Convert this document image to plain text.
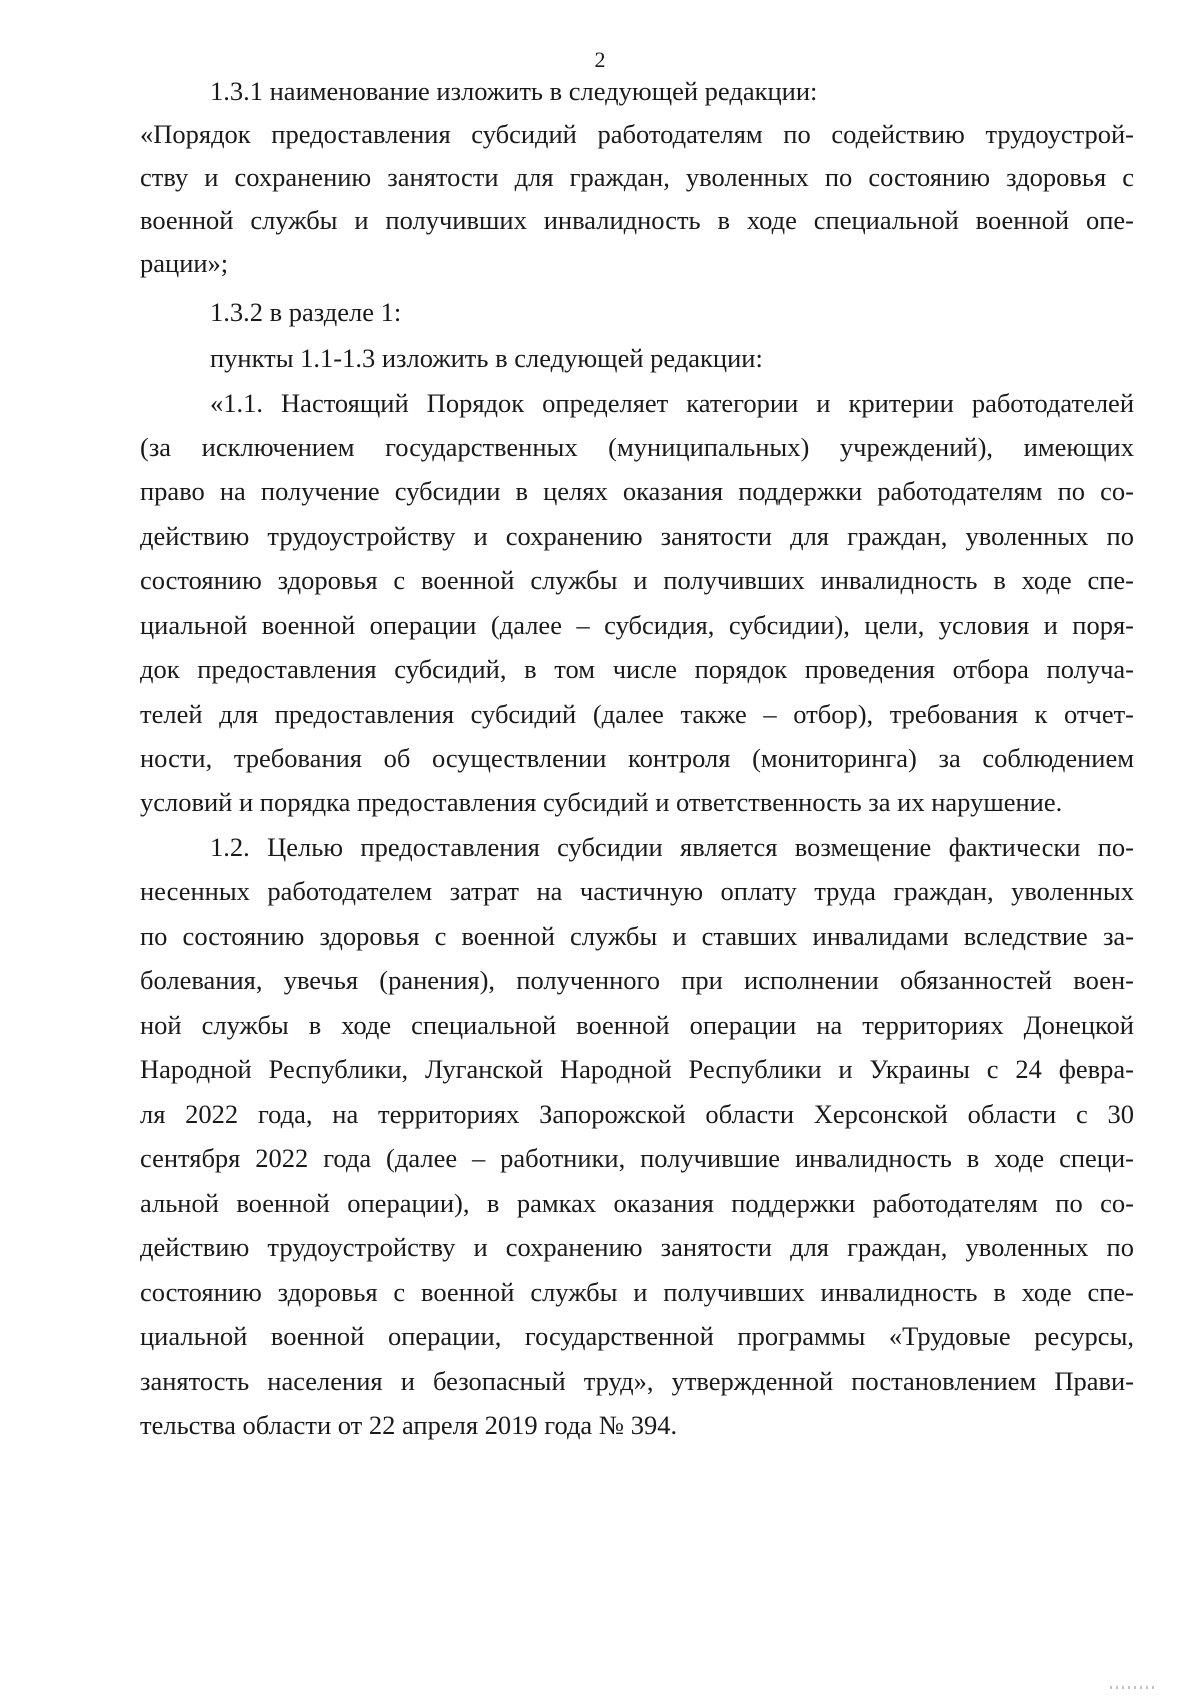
2

1.3.1 наименование изложить в следующей редакции:

«Порядок предоставления субсидий работодателям по содействию трудоустрой-

ству и сохранению занятости для граждан, уволенных по состоянию здоровья с

военной службы и получивших инвалидность в ходе специальной военной опе-

рации»;

1.3.2 в разделе 1:

пункты 1.1-1.3 изложить в следующей редакции:

«1.1. Настоящий Порядок определяет категории и критерии работодателей

(за исключением государственных (муниципальных) учреждений), имеющих

право на получение субсидии в целях оказания поддержки работодателям по со-

действию трудоустройству и сохранению занятости для граждан, уволенных по

состоянию здоровья с военной службы и получивших инвалидность в ходе спе-

циальной военной операции (далее – субсидия, субсидии), цели, условия и поря-

док предоставления субсидий, в том числе порядок проведения отбора получа-

телей для предоставления субсидий (далее также – отбор), требования к отчет-

ности, требования об осуществлении контроля (мониторинга) за соблюдением

условий и порядка предоставления субсидий и ответственность за их нарушение.

1.2. Целью предоставления субсидии является возмещение фактически по-

несенных работодателем затрат на частичную оплату труда граждан, уволенных

по состоянию здоровья с военной службы и ставших инвалидами вследствие за-

болевания, увечья (ранения), полученного при исполнении обязанностей воен-

ной службы в ходе специальной военной операции на территориях Донецкой

Народной Республики, Луганской Народной Республики и Украины с 24 февра-

ля 2022 года, на территориях Запорожской области Херсонской области с 30

сентября 2022 года (далее – работники, получившие инвалидность в ходе специ-

альной военной операции), в рамках оказания поддержки работодателям по со-

действию трудоустройству и сохранению занятости для граждан, уволенных по

состоянию здоровья с военной службы и получивших инвалидность в ходе спе-

циальной военной операции, государственной программы «Трудовые ресурсы,

занятость населения и безопасный труд», утвержденной постановлением Прави-

тельства области от 22 апреля 2019 года № 394.
